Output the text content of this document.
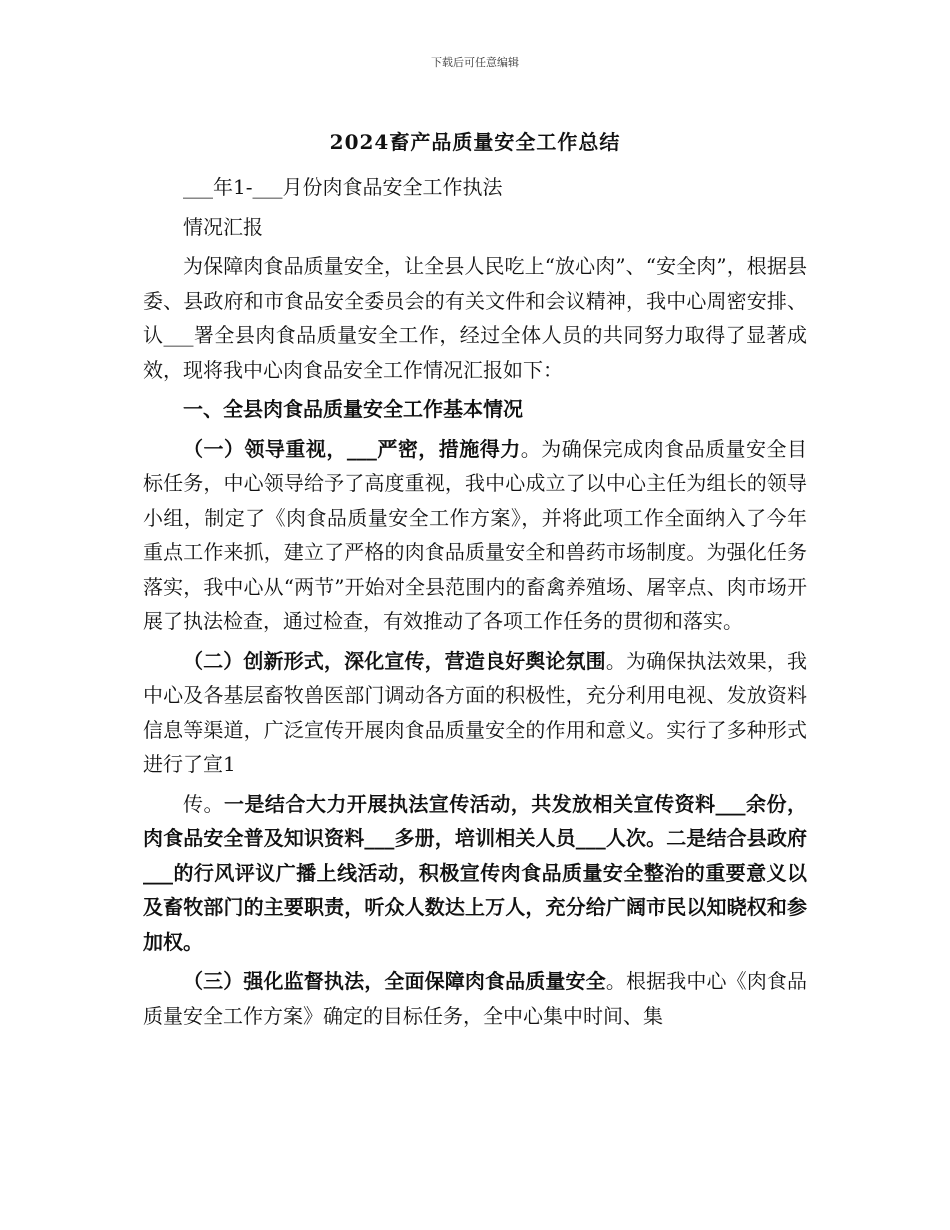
下载后可任意编辑
2024畜产品质量安全工作总结

___年1-___月份肉食品安全工作执法

情况汇报

为保障肉食品质量安全，让全县人民吃上“放心肉”、“安全肉”，根据县委、县政府和市食品安全委员会的有关文件和会议精神，我中心周密安排、认___署全县肉食品质量安全工作，经过全体人员的共同努力取得了显著成效，现将我中心肉食品安全工作情况汇报如下：

一、全县肉食品质量安全工作基本情况

（一）领导重视，___严密，措施得力。为确保完成肉食品质量安全目标任务，中心领导给予了高度重视，我中心成立了以中心主任为组长的领导小组，制定了《肉食品质量安全工作方案》，并将此项工作全面纳入了今年重点工作来抓，建立了严格的肉食品质量安全和兽药市场制度。为强化任务落实，我中心从“两节”开始对全县范围内的畜禽养殖场、屠宰点、肉市场开展了执法检查，通过检查，有效推动了各项工作任务的贯彻和落实。

（二）创新形式，深化宣传，营造良好舆论氛围。为确保执法效果，我中心及各基层畜牧兽医部门调动各方面的积极性，充分利用电视、发放资料信息等渠道，广泛宣传开展肉食品质量安全的作用和意义。实行了多种形式进行了宣1

传。一是结合大力开展执法宣传活动，共发放相关宣传资料___余份，肉食品安全普及知识资料___多册，培训相关人员___人次。二是结合县政府___的行风评议广播上线活动，积极宣传肉食品质量安全整治的重要意义以及畜牧部门的主要职责，听众人数达上万人，充分给广阔市民以知晓权和参加权。

（三）强化监督执法，全面保障肉食品质量安全。根据我中心《肉食品质量安全工作方案》确定的目标任务，全中心集中时间、集
